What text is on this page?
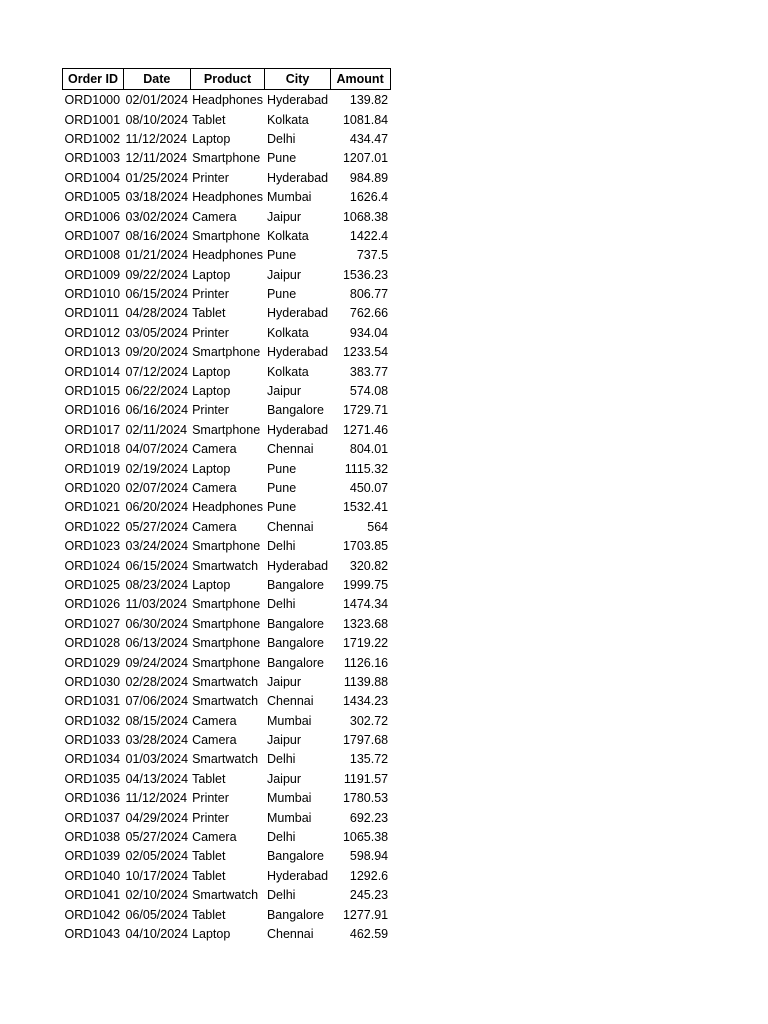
Order ID	Date	Product	City	Amount
ORD1000	02/01/2024	Headphones	Hyderabad	139.82
ORD1001	08/10/2024	Tablet	Kolkata	1081.84
ORD1002	11/12/2024	Laptop	Delhi	434.47
ORD1003	12/11/2024	Smartphone	Pune	1207.01
ORD1004	01/25/2024	Printer	Hyderabad	984.89
ORD1005	03/18/2024	Headphones	Mumbai	1626.4
ORD1006	03/02/2024	Camera	Jaipur	1068.38
ORD1007	08/16/2024	Smartphone	Kolkata	1422.4
ORD1008	01/21/2024	Headphones	Pune	737.5
ORD1009	09/22/2024	Laptop	Jaipur	1536.23
ORD1010	06/15/2024	Printer	Pune	806.77
ORD1011	04/28/2024	Tablet	Hyderabad	762.66
ORD1012	03/05/2024	Printer	Kolkata	934.04
ORD1013	09/20/2024	Smartphone	Hyderabad	1233.54
ORD1014	07/12/2024	Laptop	Kolkata	383.77
ORD1015	06/22/2024	Laptop	Jaipur	574.08
ORD1016	06/16/2024	Printer	Bangalore	1729.71
ORD1017	02/11/2024	Smartphone	Hyderabad	1271.46
ORD1018	04/07/2024	Camera	Chennai	804.01
ORD1019	02/19/2024	Laptop	Pune	1115.32
ORD1020	02/07/2024	Camera	Pune	450.07
ORD1021	06/20/2024	Headphones	Pune	1532.41
ORD1022	05/27/2024	Camera	Chennai	564
ORD1023	03/24/2024	Smartphone	Delhi	1703.85
ORD1024	06/15/2024	Smartwatch	Hyderabad	320.82
ORD1025	08/23/2024	Laptop	Bangalore	1999.75
ORD1026	11/03/2024	Smartphone	Delhi	1474.34
ORD1027	06/30/2024	Smartphone	Bangalore	1323.68
ORD1028	06/13/2024	Smartphone	Bangalore	1719.22
ORD1029	09/24/2024	Smartphone	Bangalore	1126.16
ORD1030	02/28/2024	Smartwatch	Jaipur	1139.88
ORD1031	07/06/2024	Smartwatch	Chennai	1434.23
ORD1032	08/15/2024	Camera	Mumbai	302.72
ORD1033	03/28/2024	Camera	Jaipur	1797.68
ORD1034	01/03/2024	Smartwatch	Delhi	135.72
ORD1035	04/13/2024	Tablet	Jaipur	1191.57
ORD1036	11/12/2024	Printer	Mumbai	1780.53
ORD1037	04/29/2024	Printer	Mumbai	692.23
ORD1038	05/27/2024	Camera	Delhi	1065.38
ORD1039	02/05/2024	Tablet	Bangalore	598.94
ORD1040	10/17/2024	Tablet	Hyderabad	1292.6
ORD1041	02/10/2024	Smartwatch	Delhi	245.23
ORD1042	06/05/2024	Tablet	Bangalore	1277.91
ORD1043	04/10/2024	Laptop	Chennai	462.59
